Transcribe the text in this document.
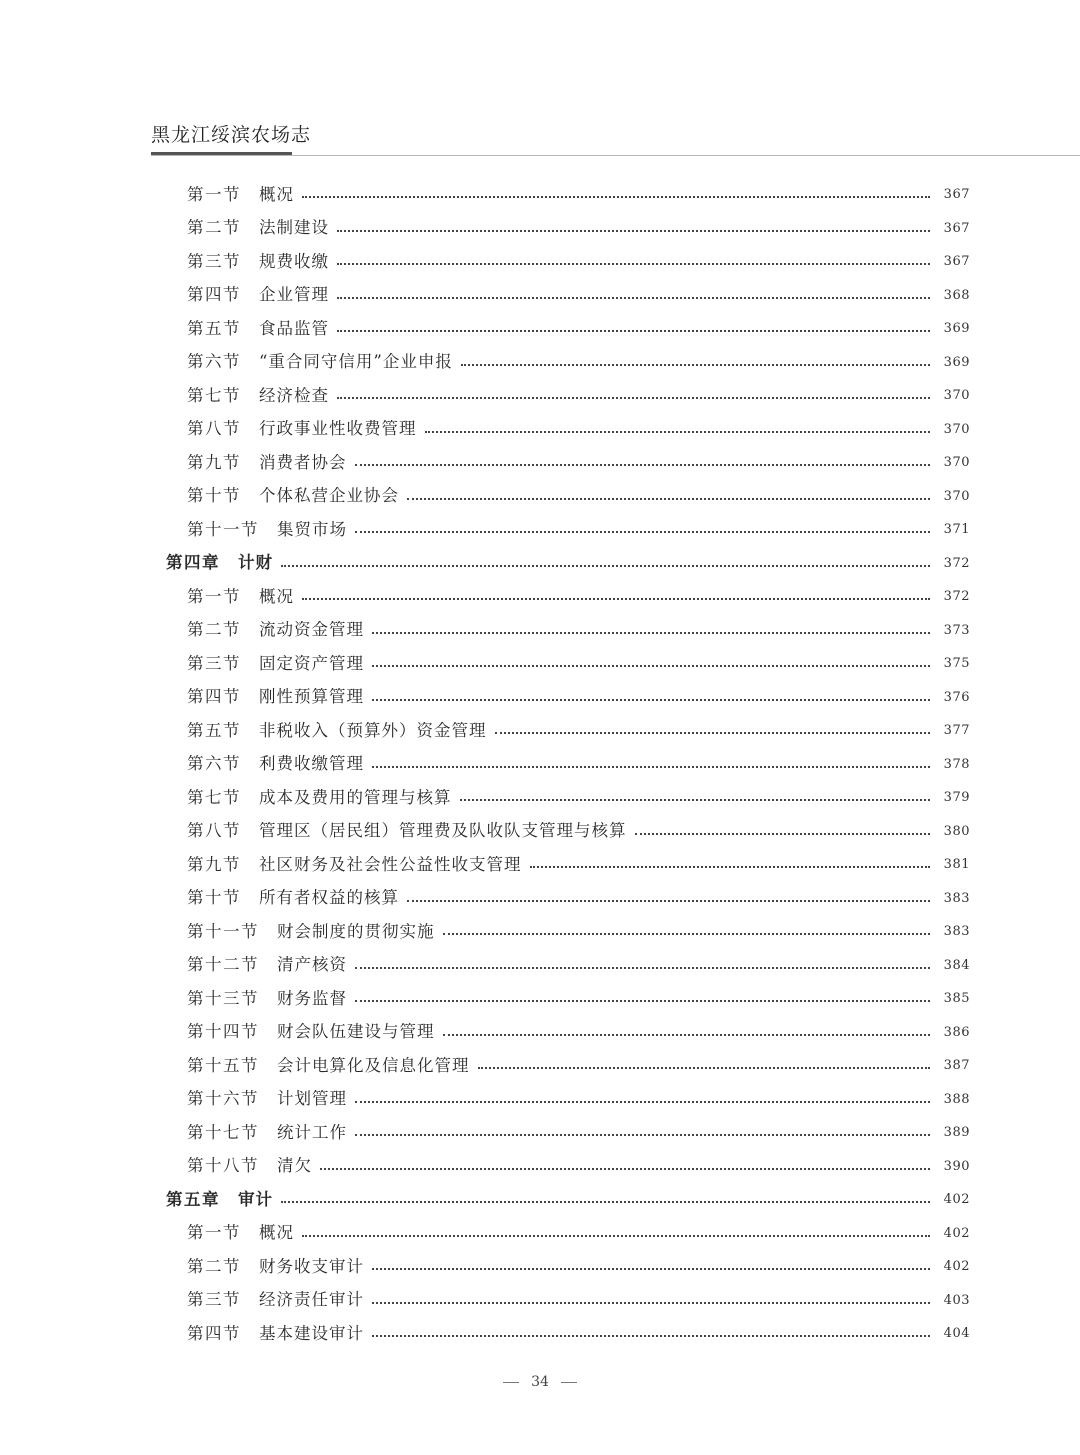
黑龙江绥滨农场志
第一节 概况	367
第二节 法制建设	367
第三节 规费收缴	367
第四节 企业管理	368
第五节 食品监管	369
第六节 “重合同守信用”企业申报	369
第七节 经济检查	370
第八节 行政事业性收费管理	370
第九节 消费者协会	370
第十节 个体私营企业协会	370
第十一节 集贸市场	371
第四章 计财	372
第一节 概况	372
第二节 流动资金管理	373
第三节 固定资产管理	375
第四节 刚性预算管理	376
第五节 非税收入（预算外）资金管理	377
第六节 利费收缴管理	378
第七节 成本及费用的管理与核算	379
第八节 管理区（居民组）管理费及队收队支管理与核算	380
第九节 社区财务及社会性公益性收支管理	381
第十节 所有者权益的核算	383
第十一节 财会制度的贯彻实施	383
第十二节 清产核资	384
第十三节 财务监督	385
第十四节 财会队伍建设与管理	386
第十五节 会计电算化及信息化管理	387
第十六节 计划管理	388
第十七节 统计工作	389
第十八节 清欠	390
第五章 审计	402
第一节 概况	402
第二节 财务收支审计	402
第三节 经济责任审计	403
第四节 基本建设审计	404
34
